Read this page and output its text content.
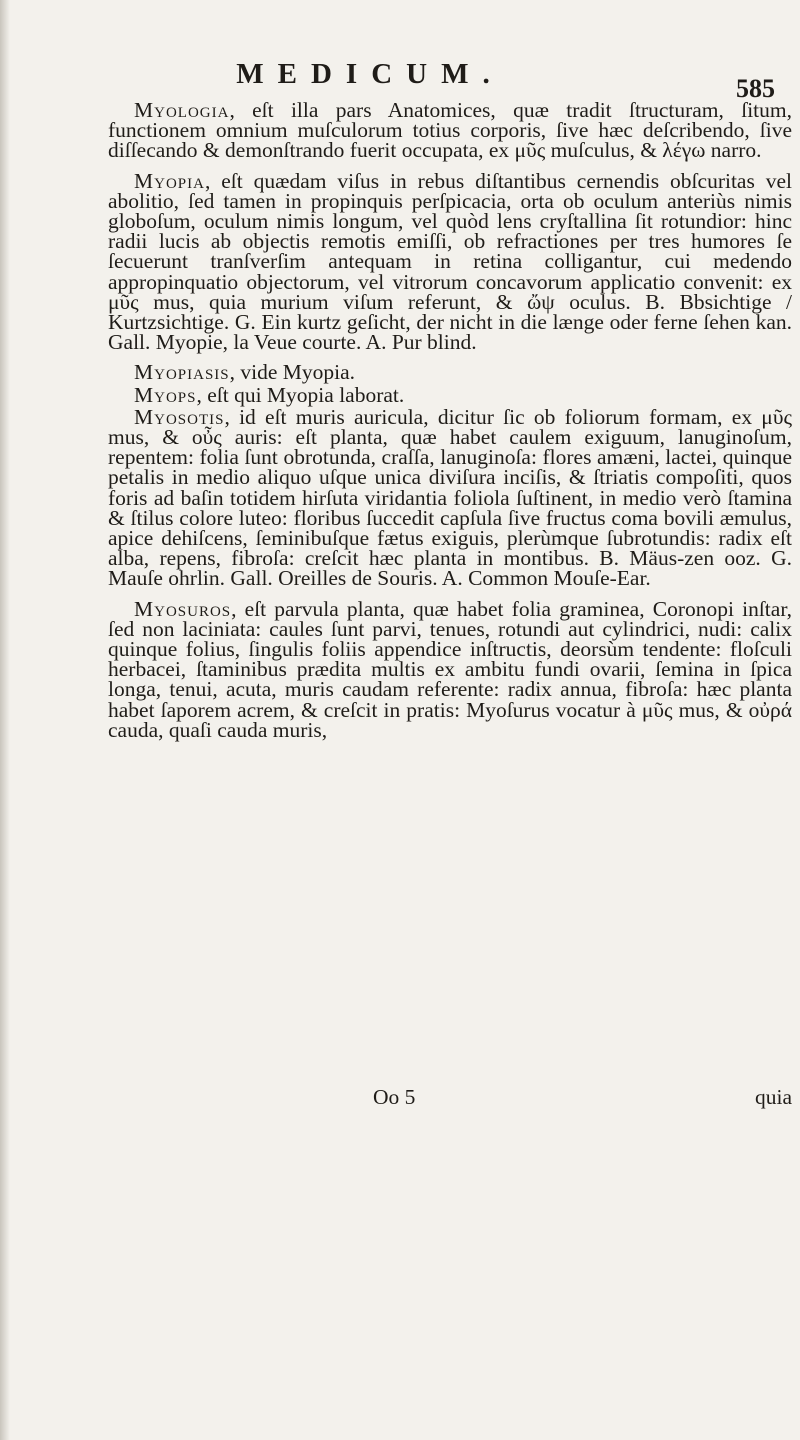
MEDICUM.	585

Myologia, eſt illa pars Anatomices, quæ tradit ſtructuram, ſitum, functionem omnium muſculorum totius corporis, ſive hæc deſcribendo, ſive diſſecando & demonſtrando fuerit occupata, ex μῦς muſculus, & λέγω narro.

Myopia, eſt quædam viſus in rebus diſtantibus cernendis obſcuritas vel abolitio, ſed tamen in propinquis perſpicacia, orta ob oculum anteriùs nimis globoſum, oculum nimis longum, vel quòd lens cryſtallina ſit rotundior: hinc radii lucis ab objectis remotis emiſſi, ob refractiones per tres humores ſe ſecuerunt tranſverſim antequam in retina colligantur, cui medendo appropinquatio objectorum, vel vitrorum concavorum applicatio convenit: ex μῦς mus, quia murium viſum referunt, & ὤψ oculus. B. Bbsichtige / Kurtzsichtige. G. Ein kurtz geſicht, der nicht in die længe oder ferne ſehen kan. Gall. Myopie, la Veue courte. A. Pur blind.

Myopiasis, vide Myopia.

Myops, eſt qui Myopia laborat.

Myosotis, id eſt muris auricula, dicitur ſic ob foliorum formam, ex μῦς mus, & οὖς auris: eſt planta, quæ habet caulem exiguum, lanuginoſum, repentem: folia ſunt obrotunda, craſſa, lanuginoſa: flores amæni, lactei, quinque petalis in medio aliquo uſque unica diviſura inciſis, & ſtriatis compoſiti, quos foris ad baſin totidem hirſuta viridantia foliola ſuſtinent, in medio verò ſtamina & ſtilus colore luteo: floribus ſuccedit capſula ſive fructus coma bovili æmulus, apice dehiſcens, ſeminibuſque fætus exiguis, plerùmque ſubrotundis: radix eſt alba, repens, fibroſa: creſcit hæc planta in montibus. B. Mäus-zen ooz. G. Mauſe ohrlin. Gall. Oreilles de Souris. A. Common Mouſe-Ear.

Myosuros, eſt parvula planta, quæ habet folia graminea, Coronopi inſtar, ſed non laciniata: caules ſunt parvi, tenues, rotundi aut cylindrici, nudi: calix quinque folius, ſingulis foliis appendice inſtructis, deorsùm tendente: floſculi herbacei, ſtaminibus prædita multis ex ambitu fundi ovarii, ſemina in ſpica longa, tenui, acuta, muris caudam referente: radix annua, fibroſa: hæc planta habet ſaporem acrem, & creſcit in pratis: Myoſurus vocatur à μῦς mus, & οὐρά cauda, quaſi cauda muris,

Oo 5	quia
